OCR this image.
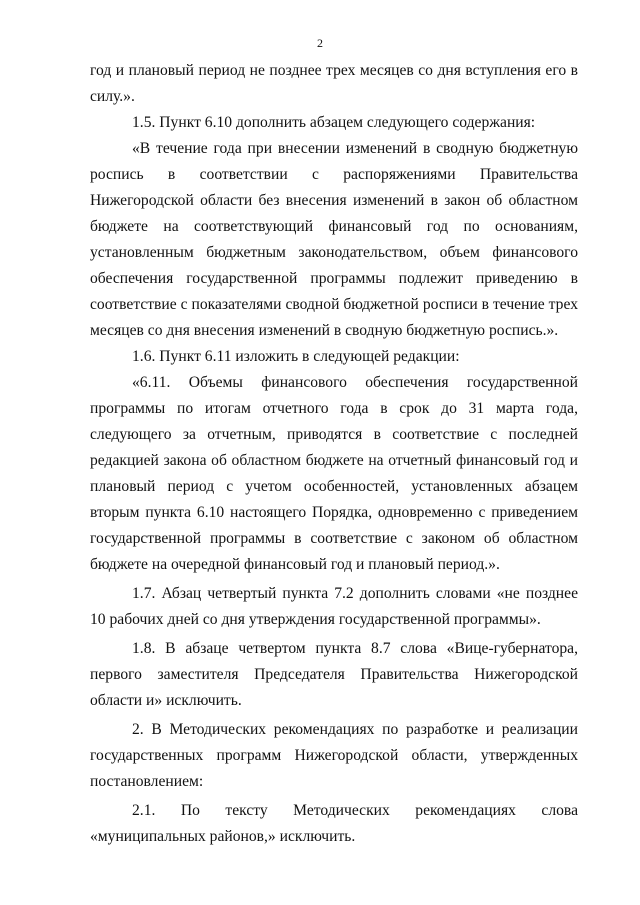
2

год и плановый период не позднее трех месяцев со дня вступления его в силу.».

1.5. Пункт 6.10 дополнить абзацем следующего содержания:

«В течение года при внесении изменений в сводную бюджетную роспись в соответствии с распоряжениями Правительства Нижегородской области без внесения изменений в закон об областном бюджете на соответствующий финансовый год по основаниям, установленным бюджетным законодательством, объем финансового обеспечения государственной программы подлежит приведению в соответствие с показателями сводной бюджетной росписи в течение трех месяцев со дня внесения изменений в сводную бюджетную роспись.».

1.6. Пункт 6.11 изложить в следующей редакции:

«6.11. Объемы финансового обеспечения государственной программы по итогам отчетного года в срок до 31 марта года, следующего за отчетным, приводятся в соответствие с последней редакцией закона об областном бюджете на отчетный финансовый год и плановый период с учетом особенностей, установленных абзацем вторым пункта 6.10 настоящего Порядка, одновременно с приведением государственной программы в соответствие с законом об областном бюджете на очередной финансовый год и плановый период.».

1.7. Абзац четвертый пункта 7.2 дополнить словами «не позднее 10 рабочих дней со дня утверждения государственной программы».

1.8. В абзаце четвертом пункта 8.7 слова «Вице-губернатора, первого заместителя Председателя Правительства Нижегородской области и» исключить.

2. В Методических рекомендациях по разработке и реализации государственных программ Нижегородской области, утвержденных постановлением:

2.1. По тексту Методических рекомендациях слова «муниципальных районов,» исключить.
